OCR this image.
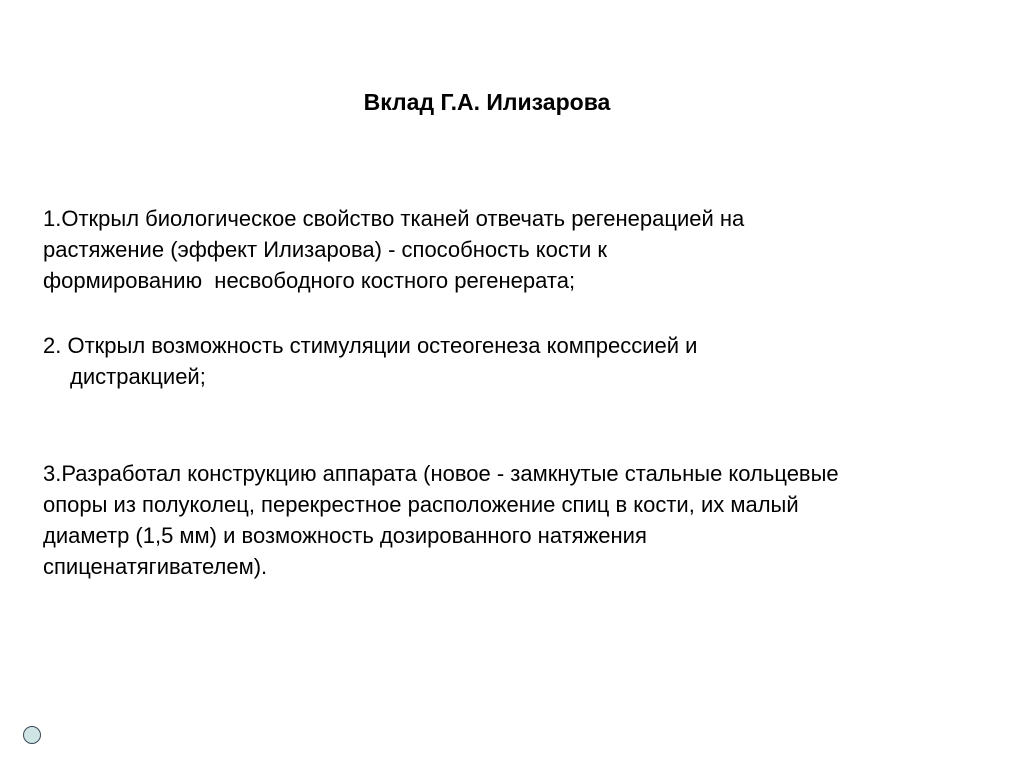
Вклад Г.А. Илизарова
1.Открыл биологическое свойство тканей отвечать регенерацией на
растяжение (эффект Илизарова) - способность кости к
формированию  несвободного костного регенерата;
2. Открыл возможность стимуляции остеогенеза компрессией и
дистракцией;
3.Разработал конструкцию аппарата (новое - замкнутые стальные кольцевые
опоры из полуколец, перекрестное расположение спиц в кости, их малый
диаметр (1,5 мм) и возможность дозированного натяжения
спиценатягивателем).
